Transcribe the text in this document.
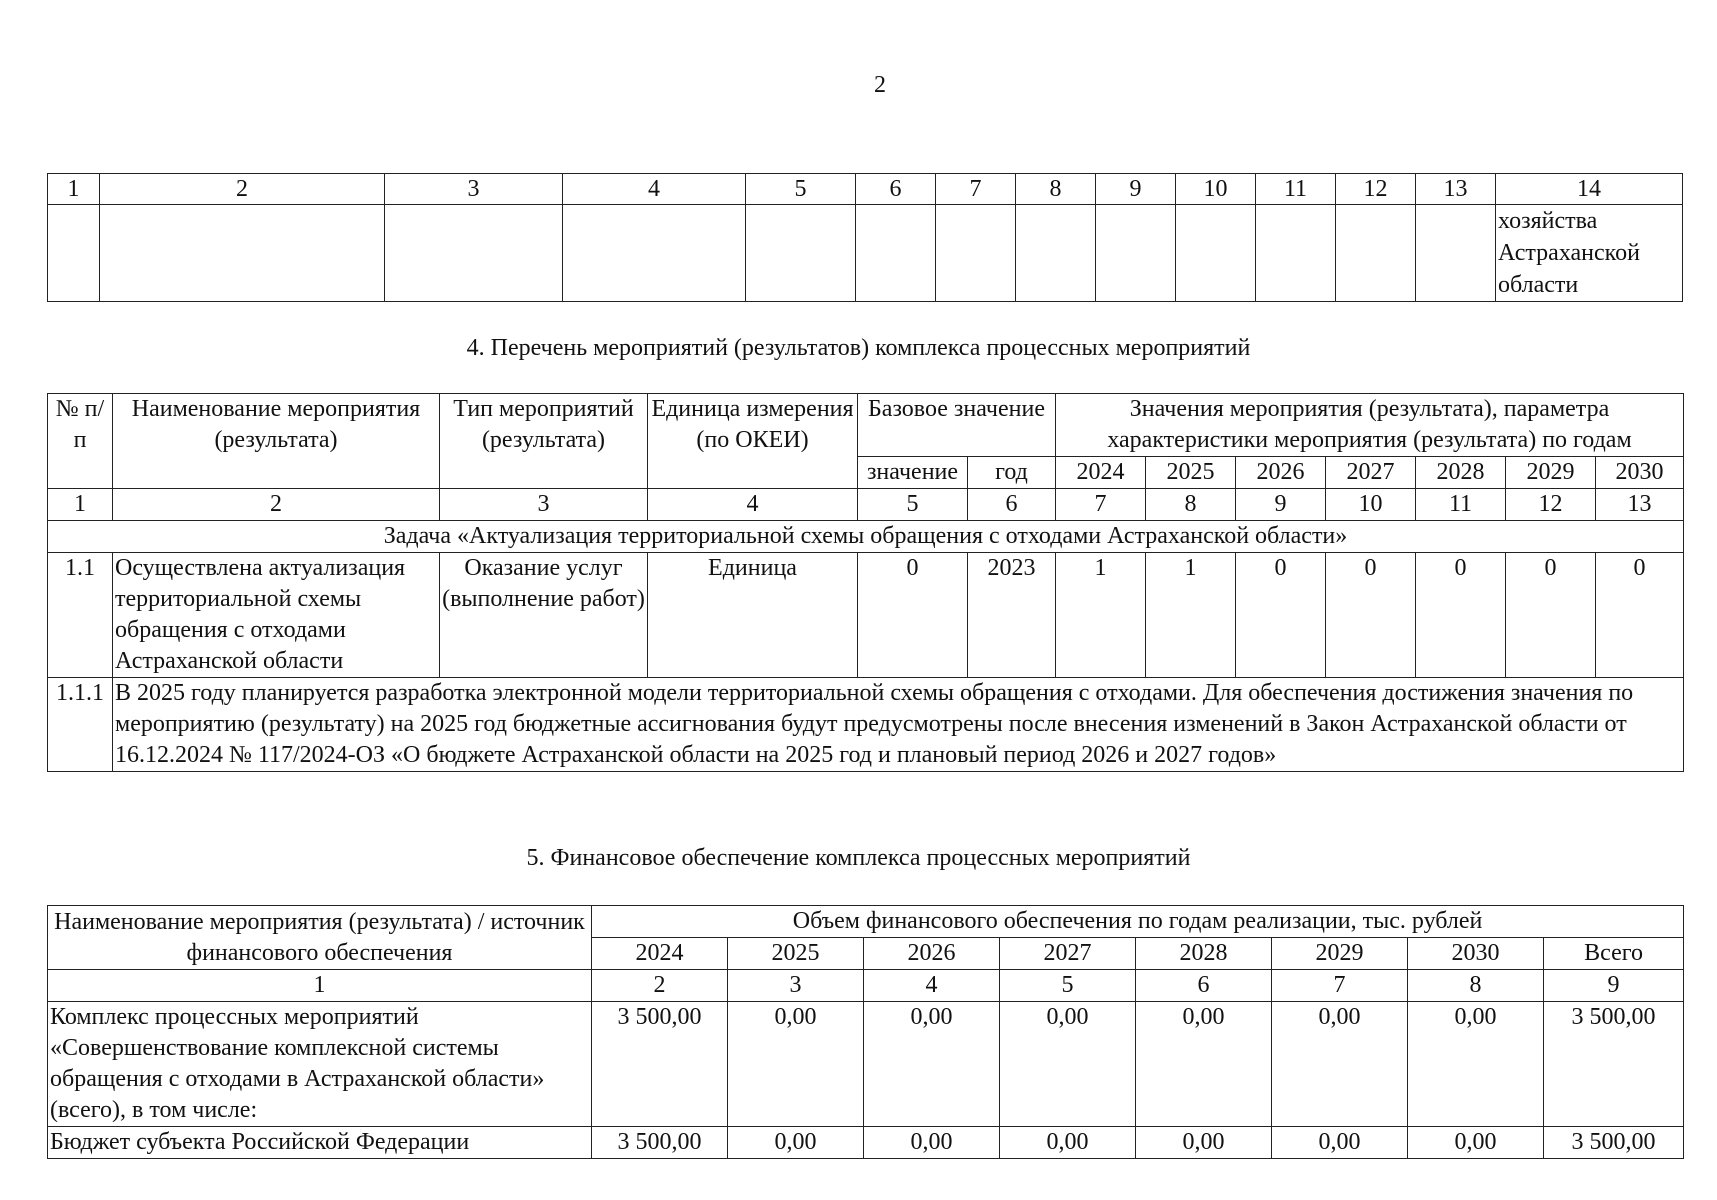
2
1	2	3	4	5	6	7	8	9	10	11	12	13	14
													хозяйства Астраханской области
4. Перечень мероприятий (результатов) комплекса процессных мероприятий
№ п/п	Наименование мероприятия (результата)	Тип мероприятий (результата)	Единица измерения (по ОКЕИ)	Базовое значение		Значения мероприятия (результата), параметра характеристики мероприятия (результата) по годам						
				значение	год	2024	2025	2026	2027	2028	2029	2030
1	2	3	4	5	6	7	8	9	10	11	12	13
Задача «Актуализация территориальной схемы обращения с отходами Астраханской области»												
1.1	Осуществлена актуализация территориальной схемы обращения с отходами Астраханской области	Оказание услуг (выполнение работ)	Единица	0	2023	1	1	0	0	0	0	0
1.1.1	В 2025 году планируется разработка электронной модели территориальной схемы обращения с отходами. Для обеспечения достижения значения по мероприятию (результату) на 2025 год бюджетные ассигнования будут предусмотрены после внесения изменений в Закон Астраханской области от 16.12.2024 № 117/2024-ОЗ «О бюджете Астраханской области на 2025 год и плановый период 2026 и 2027 годов»											
5. Финансовое обеспечение комплекса процессных мероприятий
Наименование мероприятия (результата) / источник финансового обеспечения	Объем финансового обеспечения по годам реализации, тыс. рублей							
	2024	2025	2026	2027	2028	2029	2030	Всего
1	2	3	4	5	6	7	8	9
Комплекс процессных мероприятий «Совершенствование комплексной системы обращения с отходами в Астраханской области» (всего), в том числе:	3 500,00	0,00	0,00	0,00	0,00	0,00	0,00	3 500,00
Бюджет субъекта Российской Федерации	3 500,00	0,00	0,00	0,00	0,00	0,00	0,00	3 500,00
